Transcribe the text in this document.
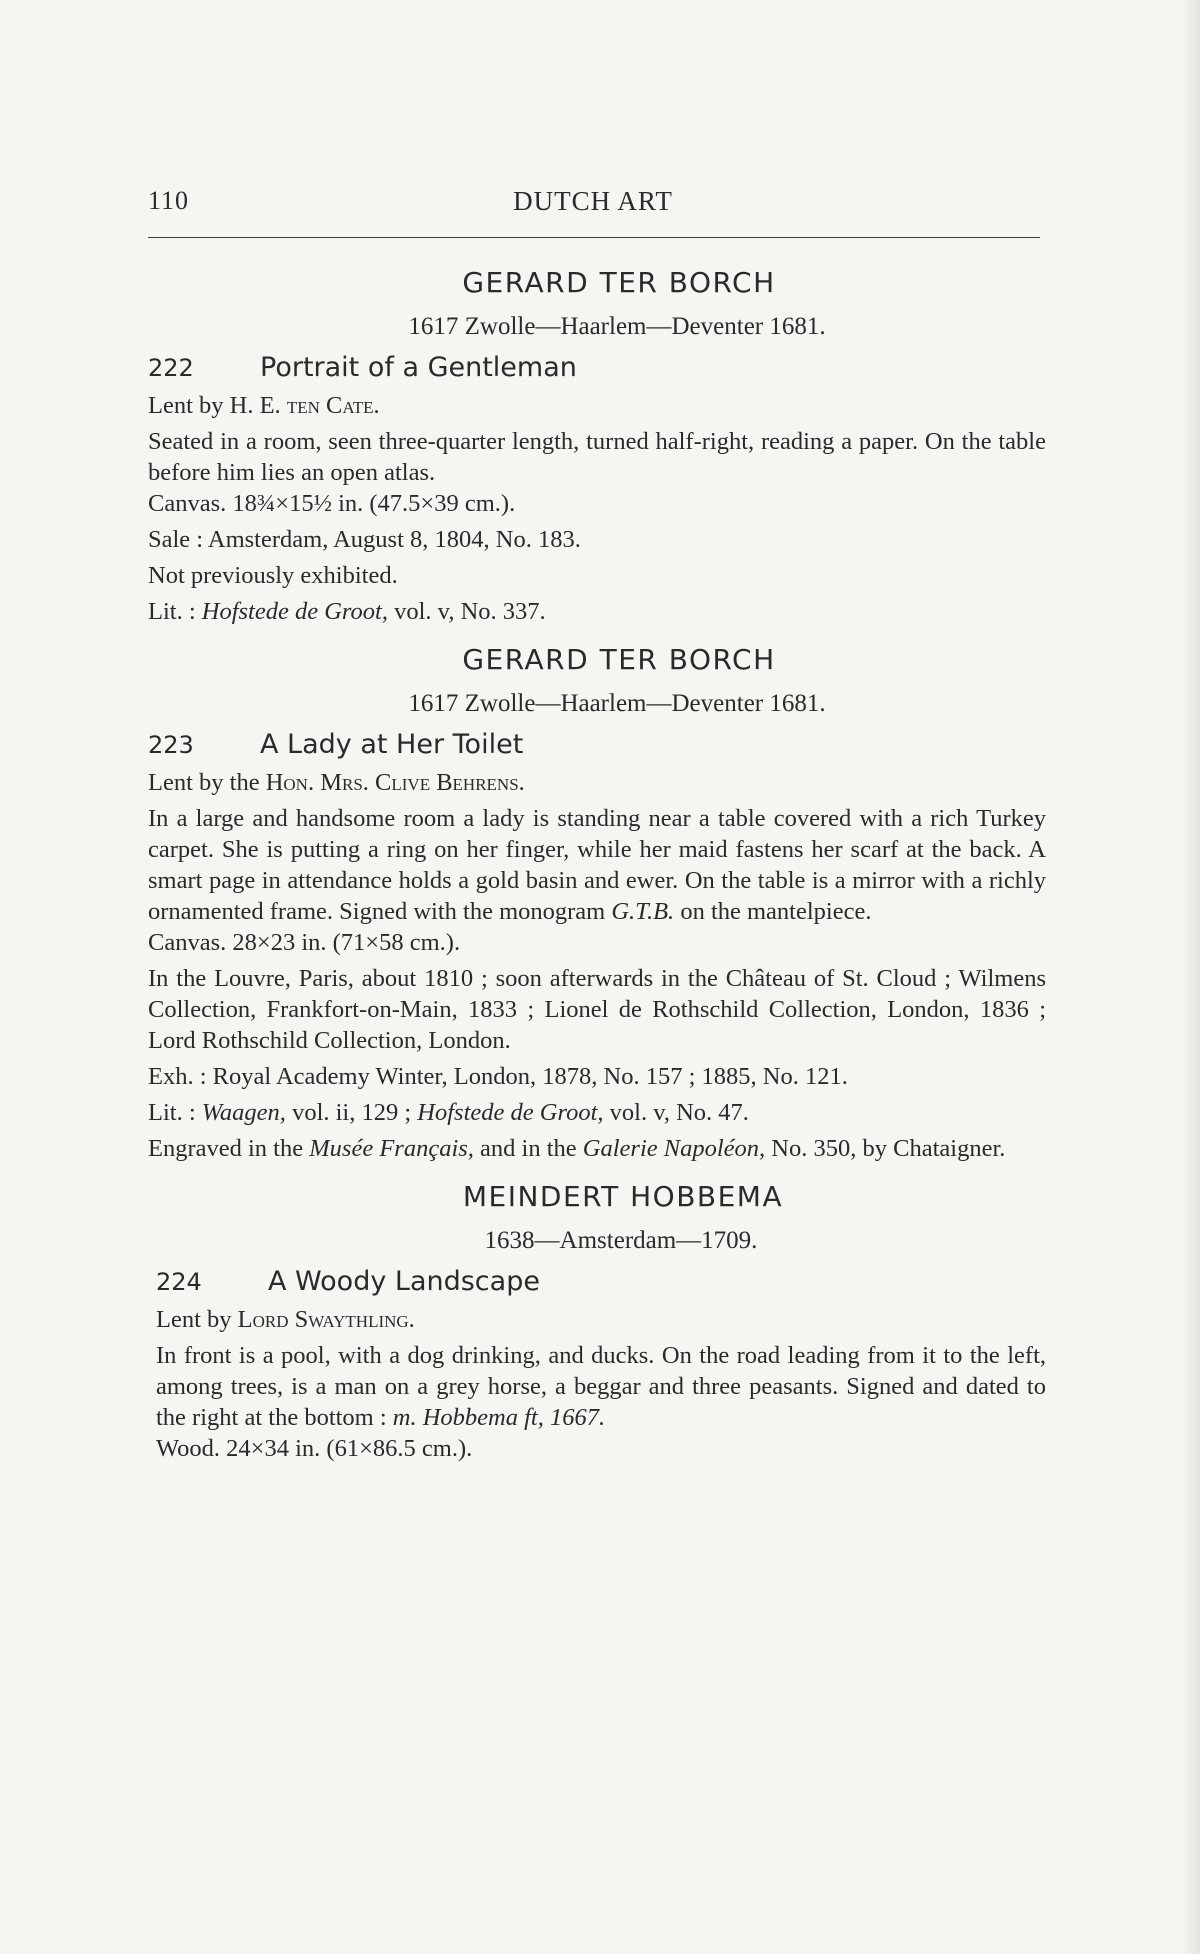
110	DUTCH ART

GERARD TER BORCH

1617 Zwolle—Haarlem—Deventer 1681.

222	Portrait of a Gentleman

Lent by H. E. ten Cate.

Seated in a room, seen three-quarter length, turned half-right, reading a paper. On the table before him lies an open atlas.

Canvas. 18¾×15½ in. (47.5×39 cm.).

Sale : Amsterdam, August 8, 1804, No. 183.

Not previously exhibited.

Lit. : Hofstede de Groot, vol. v, No. 337.

GERARD TER BORCH

1617 Zwolle—Haarlem—Deventer 1681.

223	A Lady at Her Toilet

Lent by the Hon. Mrs. Clive Behrens.

In a large and handsome room a lady is standing near a table covered with a rich Turkey carpet. She is putting a ring on her finger, while her maid fastens her scarf at the back. A smart page in attendance holds a gold basin and ewer. On the table is a mirror with a richly ornamented frame. Signed with the monogram G.T.B. on the mantelpiece.

Canvas. 28×23 in. (71×58 cm.).

In the Louvre, Paris, about 1810 ; soon afterwards in the Château of St. Cloud ; Wilmens Collection, Frankfort-on-Main, 1833 ; Lionel de Rothschild Collection, London, 1836 ; Lord Rothschild Collection, London.

Exh. : Royal Academy Winter, London, 1878, No. 157 ; 1885, No. 121.

Lit. : Waagen, vol. ii, 129 ; Hofstede de Groot, vol. v, No. 47.

Engraved in the Musée Français, and in the Galerie Napoléon, No. 350, by Chataigner.

MEINDERT HOBBEMA

1638—Amsterdam—1709.

224	A Woody Landscape

Lent by Lord Swaythling.

In front is a pool, with a dog drinking, and ducks. On the road leading from it to the left, among trees, is a man on a grey horse, a beggar and three peasants. Signed and dated to the right at the bottom : m. Hobbema ft, 1667.

Wood. 24×34 in. (61×86.5 cm.).
